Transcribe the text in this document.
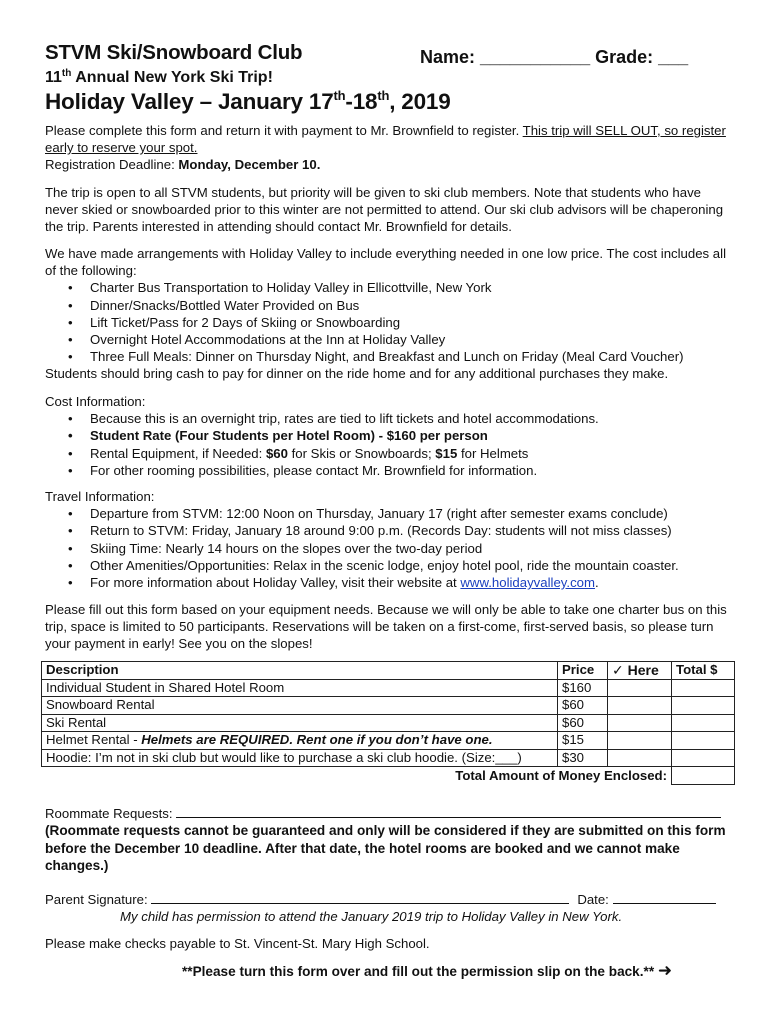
STVM Ski/Snowboard Club	Name: ___________ Grade: ___
11th Annual New York Ski Trip!
Holiday Valley – January 17th-18th, 2019

Please complete this form and return it with payment to Mr. Brownfield to register. This trip will SELL OUT, so register early to reserve your spot.

Registration Deadline: Monday, December 10.

The trip is open to all STVM students, but priority will be given to ski club members. Note that students who have never skied or snowboarded prior to this winter are not permitted to attend. Our ski club advisors will be chaperoning the trip. Parents interested in attending should contact Mr. Brownfield for details.

We have made arrangements with Holiday Valley to include everything needed in one low price. The cost includes all of the following:

• Charter Bus Transportation to Holiday Valley in Ellicottville, New York
• Dinner/Snacks/Bottled Water Provided on Bus
• Lift Ticket/Pass for 2 Days of Skiing or Snowboarding
• Overnight Hotel Accommodations at the Inn at Holiday Valley
• Three Full Meals: Dinner on Thursday Night, and Breakfast and Lunch on Friday (Meal Card Voucher)

Students should bring cash to pay for dinner on the ride home and for any additional purchases they make.

Cost Information:

• Because this is an overnight trip, rates are tied to lift tickets and hotel accommodations.
• Student Rate (Four Students per Hotel Room) - $160 per person
• Rental Equipment, if Needed: $60 for Skis or Snowboards; $15 for Helmets
• For other rooming possibilities, please contact Mr. Brownfield for information.

Travel Information:

• Departure from STVM: 12:00 Noon on Thursday, January 17 (right after semester exams conclude)
• Return to STVM: Friday, January 18 around 9:00 p.m. (Records Day: students will not miss classes)
• Skiing Time: Nearly 14 hours on the slopes over the two-day period
• Other Amenities/Opportunities: Relax in the scenic lodge, enjoy hotel pool, ride the mountain coaster.
• For more information about Holiday Valley, visit their website at www.holidayvalley.com.

Please fill out this form based on your equipment needs. Because we will only be able to take one charter bus on this trip, space is limited to 50 participants. Reservations will be taken on a first-come, first-served basis, so please turn your payment in early! See you on the slopes!

Description	Price	✓ Here	Total $
Individual Student in Shared Hotel Room	$160		
Snowboard Rental	$60		
Ski Rental	$60		
Helmet Rental - Helmets are REQUIRED. Rent one if you don’t have one.	$15		
Hoodie: I’m not in ski club but would like to purchase a ski club hoodie. (Size:___)	$30		
Total Amount of Money Enclosed:			

Roommate Requests:

(Roommate requests cannot be guaranteed and only will be considered if they are submitted on this form before the December 10 deadline. After that date, the hotel rooms are booked and we cannot make changes.)

Parent Signature:	Date:

My child has permission to attend the January 2019 trip to Holiday Valley in New York.

Please make checks payable to St. Vincent-St. Mary High School.

**Please turn this form over and fill out the permission slip on the back.** ➜
